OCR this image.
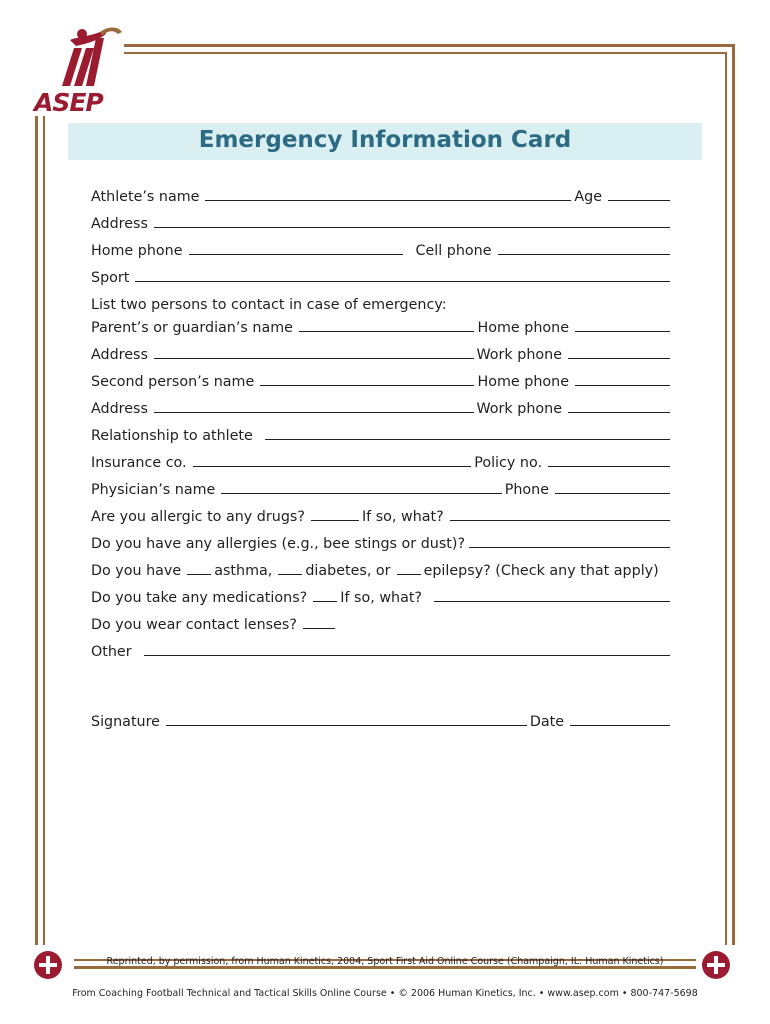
ASEP
Emergency Information Card
Athlete’s name	Age
Address
Home phone	Cell phone
Sport
List two persons to contact in case of emergency:
Parent’s or guardian’s name	Home phone
Address	Work phone
Second person’s name	Home phone
Address	Work phone
Relationship to athlete
Insurance co.	Policy no.
Physician’s name	Phone
Are you allergic to any drugs?	If so, what?
Do you have any allergies (e.g., bee stings or dust)?
Do you have asthma, diabetes, or epilepsy? (Check any that apply)
Do you take any medications? If so, what?
Do you wear contact lenses?
Other
Signature	Date
Reprinted, by permission, from Human Kinetics, 2004, Sport First Aid Online Course (Champaign, IL: Human Kinetics)
From Coaching Football Technical and Tactical Skills Online Course • © 2006 Human Kinetics, Inc. • www.asep.com • 800-747-5698
